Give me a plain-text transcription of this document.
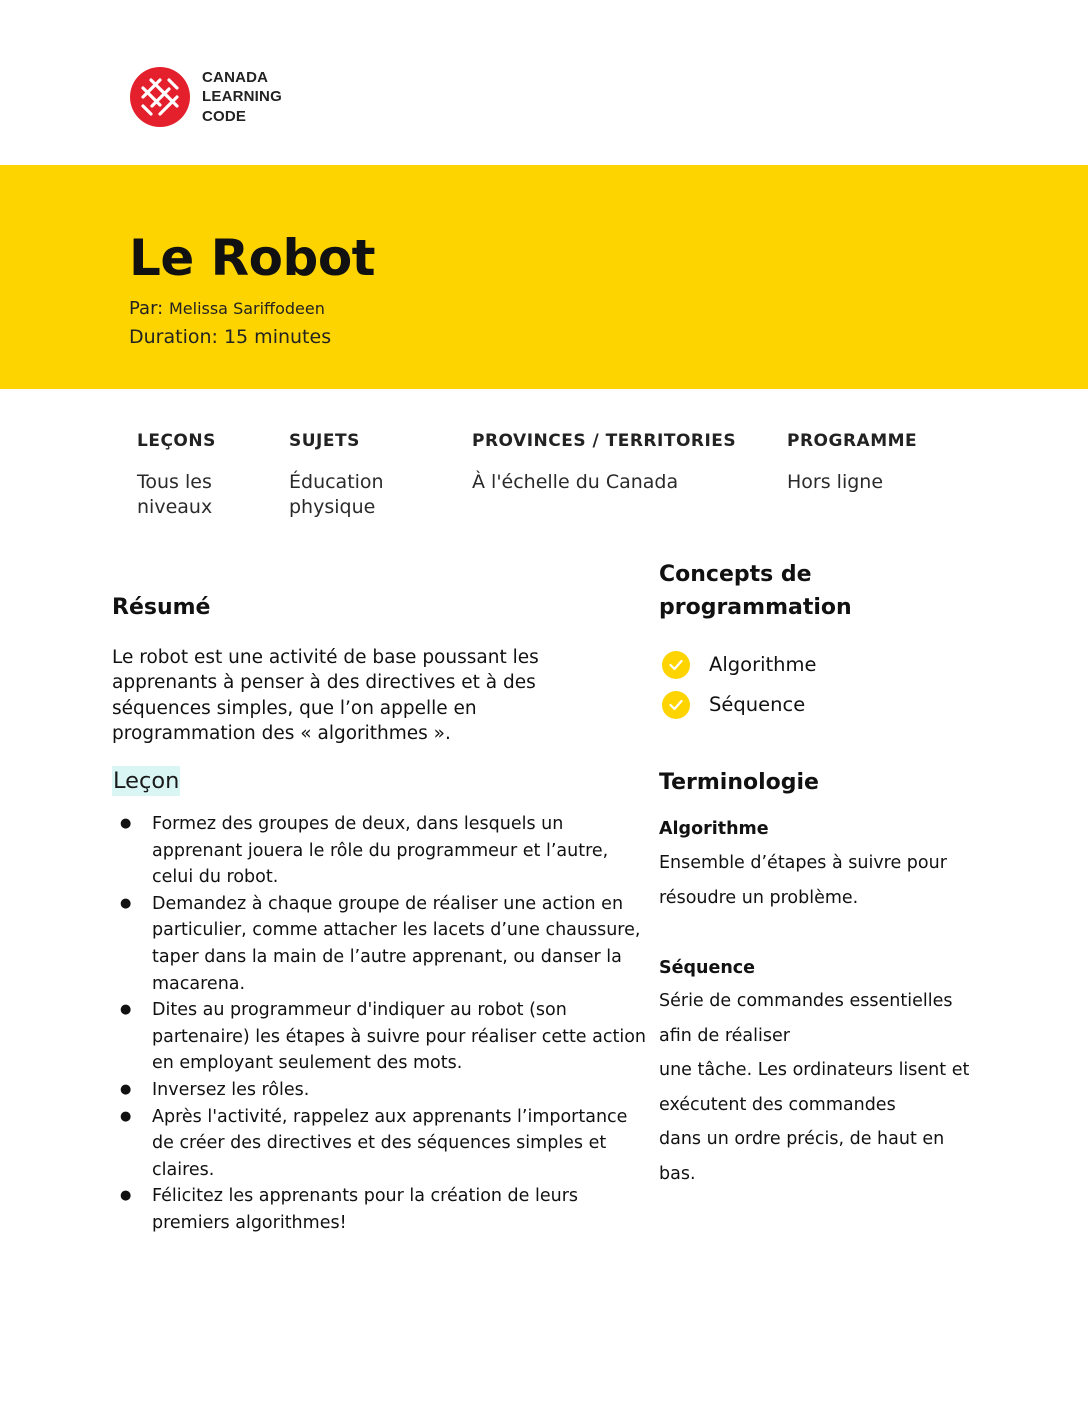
CANADA
LEARNING
CODE
Le Robot
Par: Melissa Sariffodeen
Duration: 15 minutes
LEÇONS
Tous les niveaux
SUJETS
Éducation physique
PROVINCES / TERRITORIES
À l'échelle du Canada
PROGRAMME
Hors ligne
Résumé

Le robot est une activité de base poussant les apprenants à penser à des directives et à des séquences simples, que l’on appelle en programmation des « algorithmes ».

Leçon
● Formez des groupes de deux, dans lesquels un apprenant jouera le rôle du programmeur et l’autre, celui du robot.
● Demandez à chaque groupe de réaliser une action en particulier, comme attacher les lacets d’une chaussure, taper dans la main de l’autre apprenant, ou danser la macarena.
● Dites au programmeur d'indiquer au robot (son partenaire) les étapes à suivre pour réaliser cette action en employant seulement des mots.
● Inversez les rôles.
● Après l'activité, rappelez aux apprenants l’importance de créer des directives et des séquences simples et claires.
● Félicitez les apprenants pour la création de leurs premiers algorithmes!
Concepts de programmation
Algorithme
Séquence
Terminologie
Algorithme

Ensemble d’étapes à suivre pour résoudre un problème.

Séquence
Série de commandes essentielles
afin de réaliser
une tâche. Les ordinateurs lisent et
exécutent des commandes
dans un ordre précis, de haut en
bas.
